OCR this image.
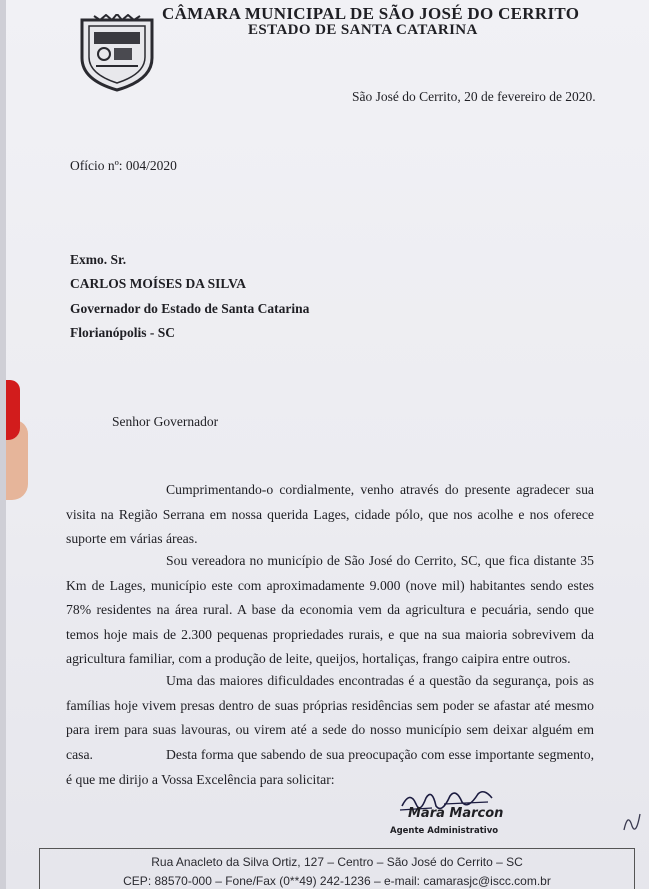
CÂMARA MUNICIPAL DE SÃO JOSÉ DO CERRITO
ESTADO DE SANTA CATARINA
São José do Cerrito, 20 de fevereiro de 2020.
Ofício nº: 004/2020
Exmo. Sr.
CARLOS MOÍSES DA SILVA
Governador do Estado de Santa Catarina
Florianópolis - SC
Senhor Governador
Cumprimentando-o cordialmente, venho através do presente agradecer sua visita na Região Serrana em nossa querida Lages, cidade pólo, que nos acolhe e nos oferece suporte em várias áreas.
Sou vereadora no município de São José do Cerrito, SC, que fica distante 35 Km de Lages, município este com aproximadamente 9.000 (nove mil) habitantes sendo estes 78% residentes na área rural. A base da economia vem da agricultura e pecuária, sendo que temos hoje mais de 2.300 pequenas propriedades rurais, e que na sua maioria sobrevivem da agricultura familiar, com a produção de leite, queijos, hortaliças, frango caipira entre outros.
Uma das maiores dificuldades encontradas é a questão da segurança, pois as famílias hoje vivem presas dentro de suas próprias residências sem poder se afastar até mesmo para irem para suas lavouras, ou virem até a sede do nosso município sem deixar alguém em casa.	Desta forma que sabendo de sua preocupação com esse importante segmento, é que me dirijo a Vossa Excelência para solicitar:
Mara Marcon
Agente Administrativo
Rua Anacleto da Silva Ortiz, 127 – Centro – São José do Cerrito – SC
CEP: 88570-000 – Fone/Fax (0**49) 242-1236 – e-mail: camarasjc@iscc.com.br
